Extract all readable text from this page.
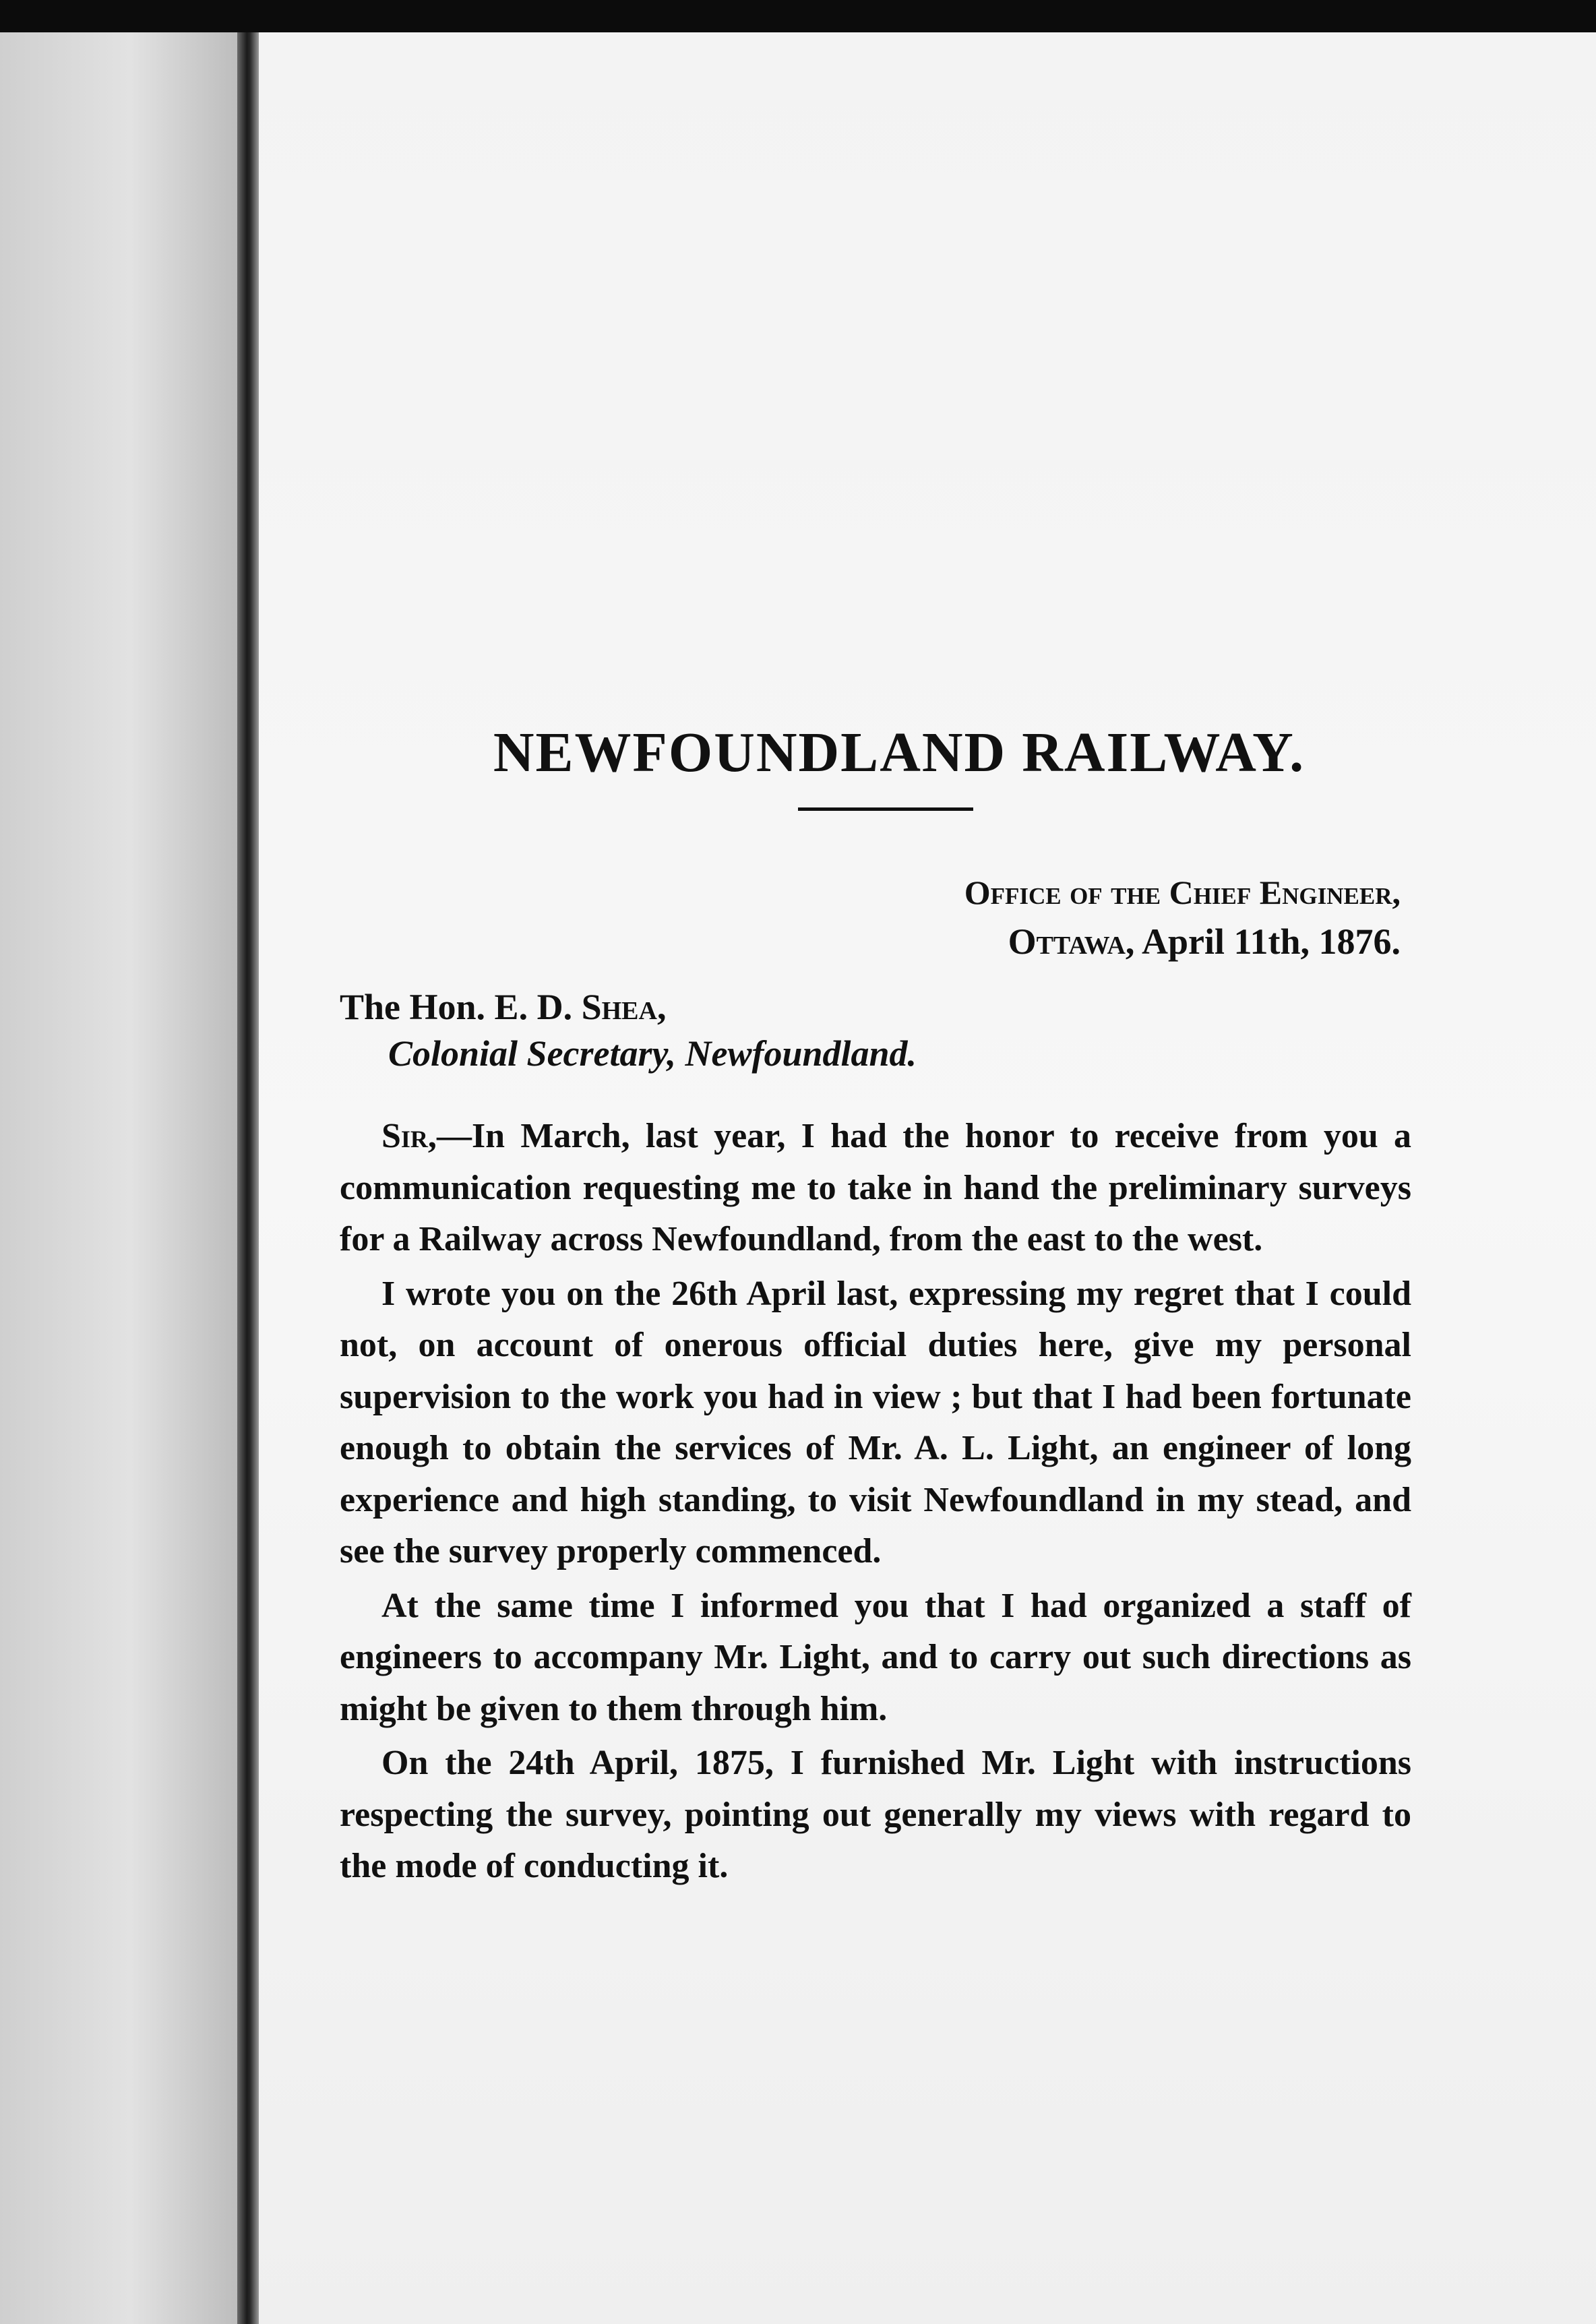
NEWFOUNDLAND RAILWAY.
Office of the Chief Engineer,
Ottawa, April 11th, 1876.
The Hon. E. D. Shea,
Colonial Secretary, Newfoundland.

Sir,—In March, last year, I had the honor to receive from you a communication requesting me to take in hand the preliminary surveys for a Railway across Newfoundland, from the east to the west.

I wrote you on the 26th April last, expressing my regret that I could not, on account of onerous official duties here, give my personal supervision to the work you had in view ; but that I had been fortunate enough to obtain the services of Mr. A. L. Light, an engineer of long experience and high standing, to visit Newfoundland in my stead, and see the survey properly commenced.

At the same time I informed you that I had organized a staff of engineers to accompany Mr. Light, and to carry out such directions as might be given to them through him.

On the 24th April, 1875, I furnished Mr. Light with instructions respecting the survey, pointing out generally my views with regard to the mode of conducting it.
